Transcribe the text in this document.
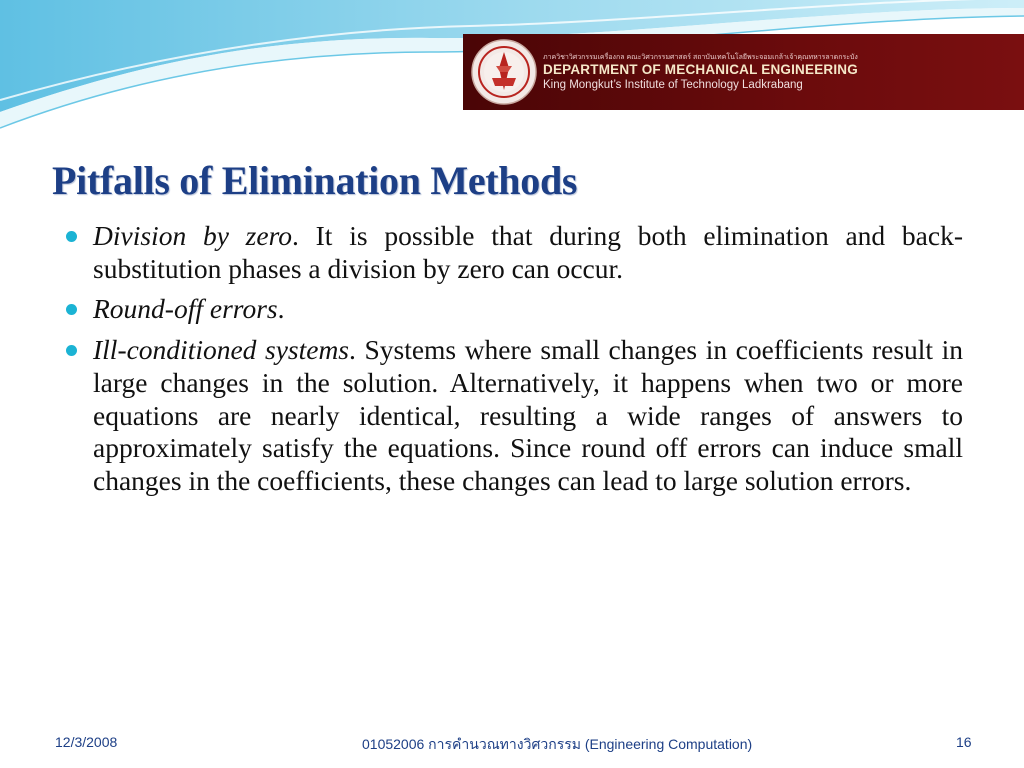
ภาควิชาวิศวกรรมเครื่องกล คณะวิศวกรรมศาสตร์ สถาบันเทคโนโลยีพระจอมเกล้าเจ้าคุณทหารลาดกระบัง
DEPARTMENT OF MECHANICAL ENGINEERING
King Mongkut’s Institute of Technology Ladkrabang
Pitfalls of Elimination Methods
Division by zero. It is possible that during both elimination and back-substitution phases a division by zero can occur.
Round-off errors.
Ill-conditioned systems. Systems where small changes in coefficients result in large changes in the solution. Alternatively, it happens when two or more equations are nearly identical, resulting a wide ranges of answers to approximately satisfy the equations. Since round off errors can induce small changes in the coefficients, these changes can lead to large solution errors.
12/3/2008	01052006 การคำนวณทางวิศวกรรม (Engineering Computation)	16
